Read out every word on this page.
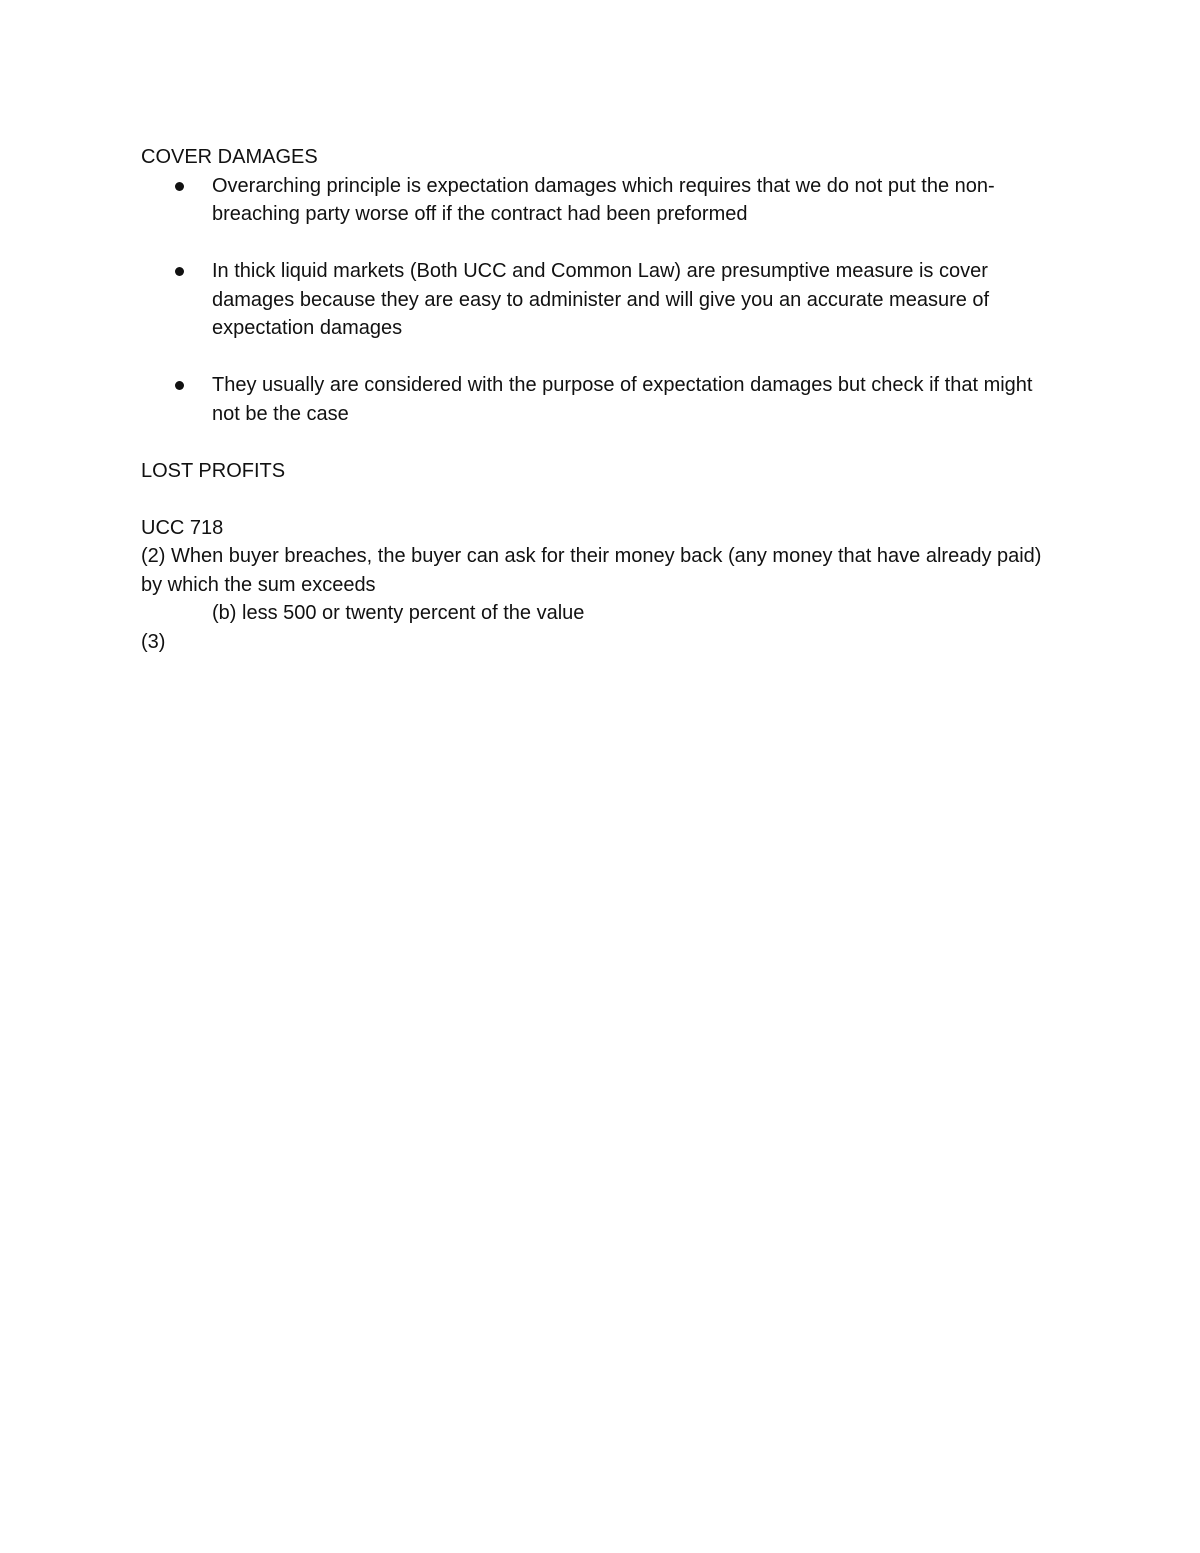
COVER DAMAGES

Overarching principle is expectation damages which requires that we do not put the non-breaching party worse off if the contract had been preformed
In thick liquid markets (Both UCC and Common Law) are presumptive measure is cover damages because they are easy to administer and will give you an accurate measure of expectation damages
They usually are considered with the purpose of expectation damages but check if that might not be the case

LOST PROFITS

UCC 718

(2) When buyer breaches, the buyer can ask for their money back (any money that have already paid) by which the sum exceeds

(b) less 500 or twenty percent of the value

(3)
